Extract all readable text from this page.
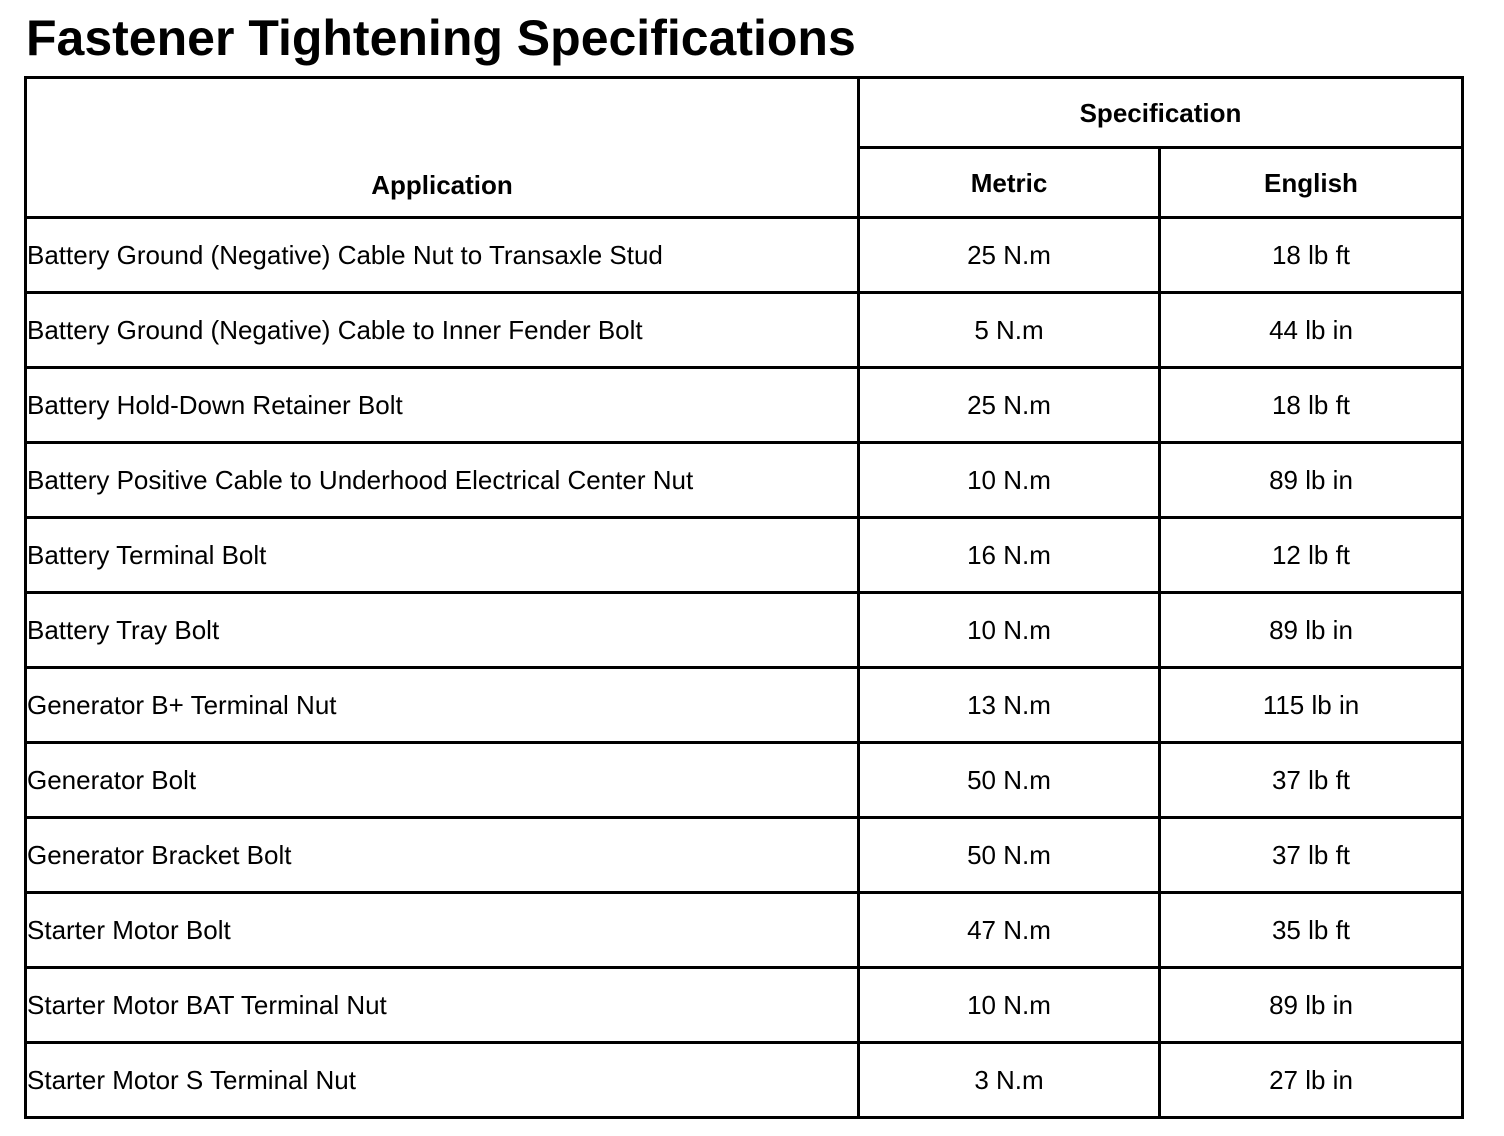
Fastener Tightening Specifications
Application	Specification	
	Metric	English
Battery Ground (Negative) Cable Nut to Transaxle Stud	25 N.m	18 lb ft
Battery Ground (Negative) Cable to Inner Fender Bolt	5 N.m	44 lb in
Battery Hold-Down Retainer Bolt	25 N.m	18 lb ft
Battery Positive Cable to Underhood Electrical Center Nut	10 N.m	89 lb in
Battery Terminal Bolt	16 N.m	12 lb ft
Battery Tray Bolt	10 N.m	89 lb in
Generator B+ Terminal Nut	13 N.m	115 lb in
Generator Bolt	50 N.m	37 lb ft
Generator Bracket Bolt	50 N.m	37 lb ft
Starter Motor Bolt	47 N.m	35 lb ft
Starter Motor BAT Terminal Nut	10 N.m	89 lb in
Starter Motor S Terminal Nut	3 N.m	27 lb in
